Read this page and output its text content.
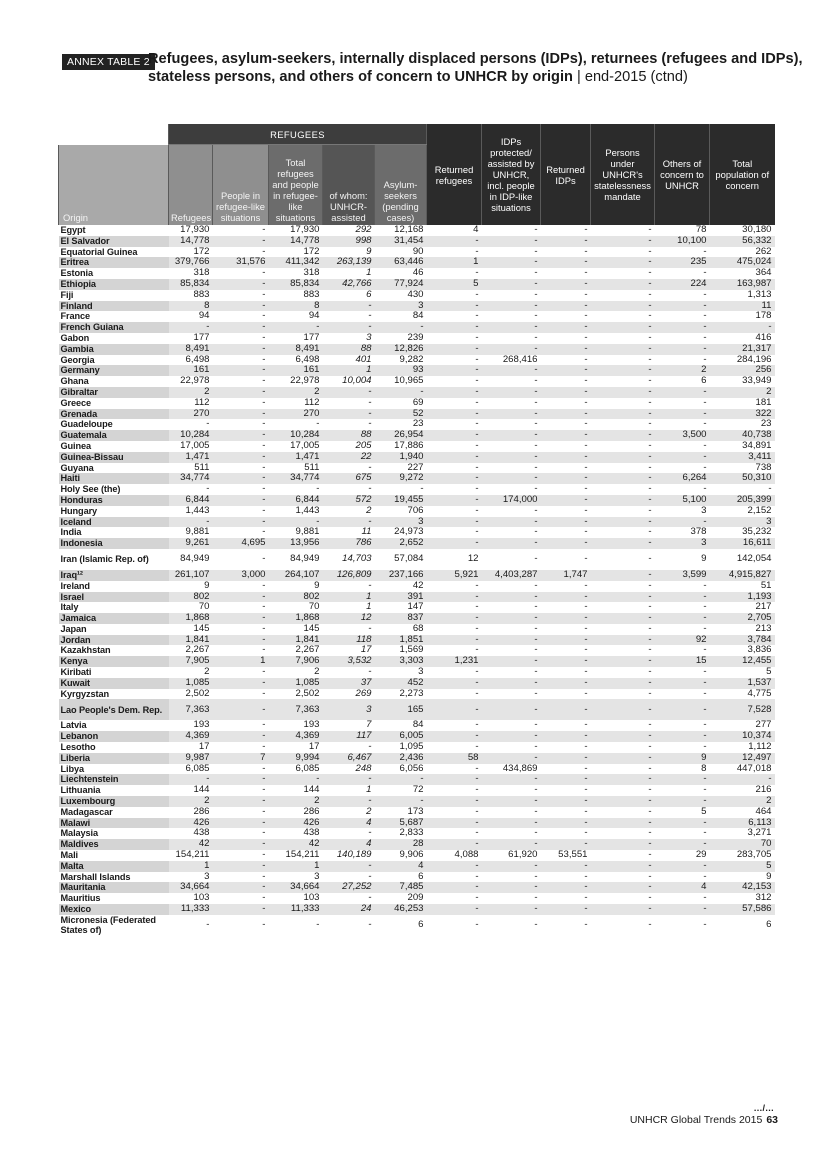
ANNEX TABLE 2
Refugees, asylum-seekers, internally displaced persons (IDPs), returnees (refugees and IDPs), stateless persons, and others of concern to UNHCR by origin | end-2015 (ctnd)
	REFUGEES					Returned refugees	IDPs protected/ assisted by UNHCR, incl. people in IDP-like situations	Returned IDPs	Persons under UNHCR's statelessness mandate	Others of concern to UNHCR	Total population of concern
Origin	Refugees	People in refugee-like situations	Total refugees and people in refugee-like situations	of whom: UNHCR-assisted	Asylum-seekers (pending cases)						
Egypt	17,930	-	17,930	292	12,168	4	-	-	-	78	30,180
El Salvador	14,778	-	14,778	998	31,454	-	-	-	-	10,100	56,332
Equatorial Guinea	172	-	172	9	90	-	-	-	-	-	262
Eritrea	379,766	31,576	411,342	263,139	63,446	1	-	-	-	235	475,024
Estonia	318	-	318	1	46	-	-	-	-	-	364
Ethiopia	85,834	-	85,834	42,766	77,924	5	-	-	-	224	163,987
Fiji	883	-	883	6	430	-	-	-	-	-	1,313
Finland	8	-	8	-	3	-	-	-	-	-	11
France	94	-	94	-	84	-	-	-	-	-	178
French Guiana	-	-	-	-	-	-	-	-	-	-	-
Gabon	177	-	177	3	239	-	-	-	-	-	416
Gambia	8,491	-	8,491	88	12,826	-	-	-	-	-	21,317
Georgia	6,498	-	6,498	401	9,282	-	268,416	-	-	-	284,196
Germany	161	-	161	1	93	-	-	-	-	2	256
Ghana	22,978	-	22,978	10,004	10,965	-	-	-	-	6	33,949
Gibraltar	2	-	2	-	-	-	-	-	-	-	2
Greece	112	-	112	-	69	-	-	-	-	-	181
Grenada	270	-	270	-	52	-	-	-	-	-	322
Guadeloupe	-	-	-	-	23	-	-	-	-	-	23
Guatemala	10,284	-	10,284	88	26,954	-	-	-	-	3,500	40,738
Guinea	17,005	-	17,005	205	17,886	-	-	-	-	-	34,891
Guinea-Bissau	1,471	-	1,471	22	1,940	-	-	-	-	-	3,411
Guyana	511	-	511	-	227	-	-	-	-	-	738
Haiti	34,774	-	34,774	675	9,272	-	-	-	-	6,264	50,310
Holy See (the)	-	-	-	-	-	-	-	-	-	-	-
Honduras	6,844	-	6,844	572	19,455	-	174,000	-	-	5,100	205,399
Hungary	1,443	-	1,443	2	706	-	-	-	-	3	2,152
Iceland	-	-	-	-	3	-	-	-	-	-	3
India	9,881	-	9,881	11	24,973	-	-	-	-	378	35,232
Indonesia	9,261	4,695	13,956	786	2,652	-	-	-	-	3	16,611
Iran (Islamic Rep. of)	84,949	-	84,949	14,703	57,084	12	-	-	-	9	142,054
Iraq¹²	261,107	3,000	264,107	126,809	237,166	5,921	4,403,287	1,747	-	3,599	4,915,827
Ireland	9	-	9	-	42	-	-	-	-	-	51
Israel	802	-	802	1	391	-	-	-	-	-	1,193
Italy	70	-	70	1	147	-	-	-	-	-	217
Jamaica	1,868	-	1,868	12	837	-	-	-	-	-	2,705
Japan	145	-	145	-	68	-	-	-	-	-	213
Jordan	1,841	-	1,841	118	1,851	-	-	-	-	92	3,784
Kazakhstan	2,267	-	2,267	17	1,569	-	-	-	-	-	3,836
Kenya	7,905	1	7,906	3,532	3,303	1,231	-	-	-	15	12,455
Kiribati	2	-	2	-	3	-	-	-	-	-	5
Kuwait	1,085	-	1,085	37	452	-	-	-	-	-	1,537
Kyrgyzstan	2,502	-	2,502	269	2,273	-	-	-	-	-	4,775
Lao People's Dem. Rep.	7,363	-	7,363	3	165	-	-	-	-	-	7,528
Latvia	193	-	193	7	84	-	-	-	-	-	277
Lebanon	4,369	-	4,369	117	6,005	-	-	-	-	-	10,374
Lesotho	17	-	17	-	1,095	-	-	-	-	-	1,112
Liberia	9,987	7	9,994	6,467	2,436	58	-	-	-	9	12,497
Libya	6,085	-	6,085	248	6,056	-	434,869	-	-	8	447,018
Liechtenstein	-	-	-	-	-	-	-	-	-	-	-
Lithuania	144	-	144	1	72	-	-	-	-	-	216
Luxembourg	2	-	2	-	-	-	-	-	-	-	2
Madagascar	286	-	286	2	173	-	-	-	-	5	464
Malawi	426	-	426	4	5,687	-	-	-	-	-	6,113
Malaysia	438	-	438	-	2,833	-	-	-	-	-	3,271
Maldives	42	-	42	4	28	-	-	-	-	-	70
Mali	154,211	-	154,211	140,189	9,906	4,088	61,920	53,551	-	29	283,705
Malta	1	-	1	-	4	-	-	-	-	-	5
Marshall Islands	3	-	3	-	6	-	-	-	-	-	9
Mauritania	34,664	-	34,664	27,252	7,485	-	-	-	-	4	42,153
Mauritius	103	-	103	-	209	-	-	-	-	-	312
Mexico	11,333	-	11,333	24	46,253	-	-	-	-	-	57,586
Micronesia (Federated States of)	-	-	-	-	6	-	-	-	-	-	6
…/…
UNHCR Global Trends 2015 63
